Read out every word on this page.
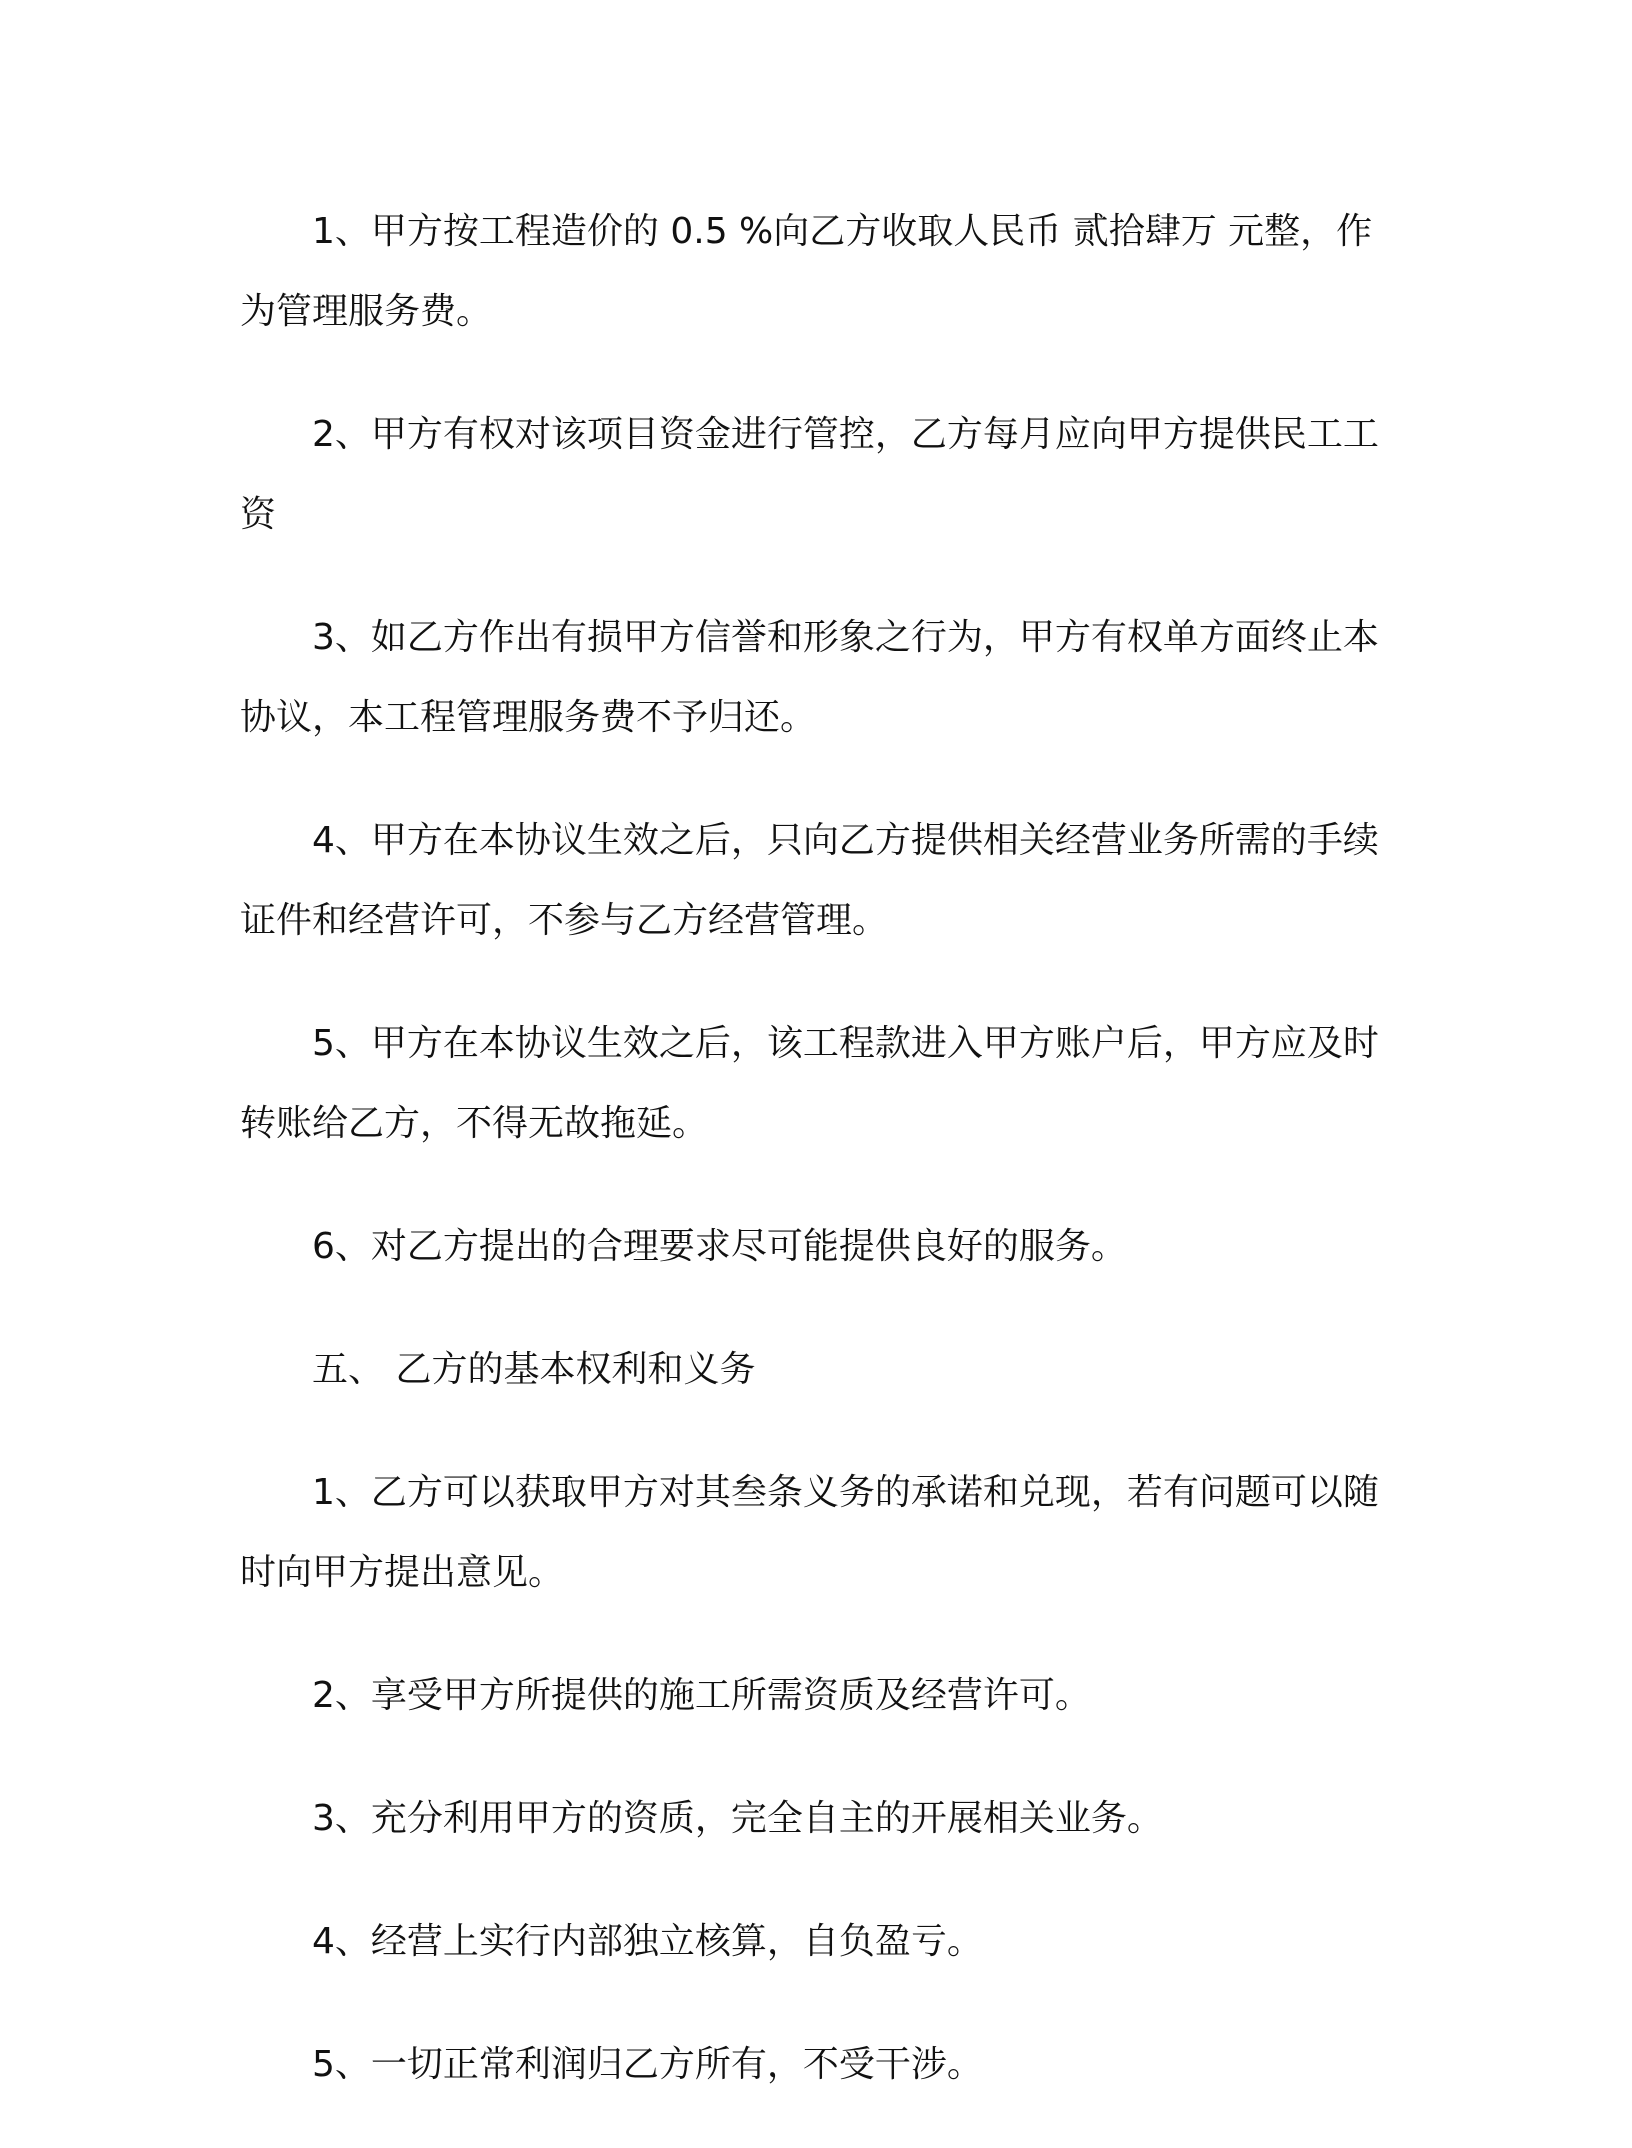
1、甲方按工程造价的 0.5 %向乙方收取人民币 贰拾肆万 元整，作为管理服务费。

2、甲方有权对该项目资金进行管控，乙方每月应向甲方提供民工工资

3、如乙方作出有损甲方信誉和形象之行为，甲方有权单方面终止本协议，本工程管理服务费不予归还。

4、甲方在本协议生效之后，只向乙方提供相关经营业务所需的手续证件和经营许可，不参与乙方经营管理。

5、甲方在本协议生效之后，该工程款进入甲方账户后，甲方应及时转账给乙方，不得无故拖延。

6、对乙方提出的合理要求尽可能提供良好的服务。

五、 乙方的基本权利和义务

1、乙方可以获取甲方对其叁条义务的承诺和兑现，若有问题可以随时向甲方提出意见。

2、享受甲方所提供的施工所需资质及经营许可。

3、充分利用甲方的资质，完全自主的开展相关业务。

4、经营上实行内部独立核算，自负盈亏。

5、一切正常利润归乙方所有，不受干涉。
